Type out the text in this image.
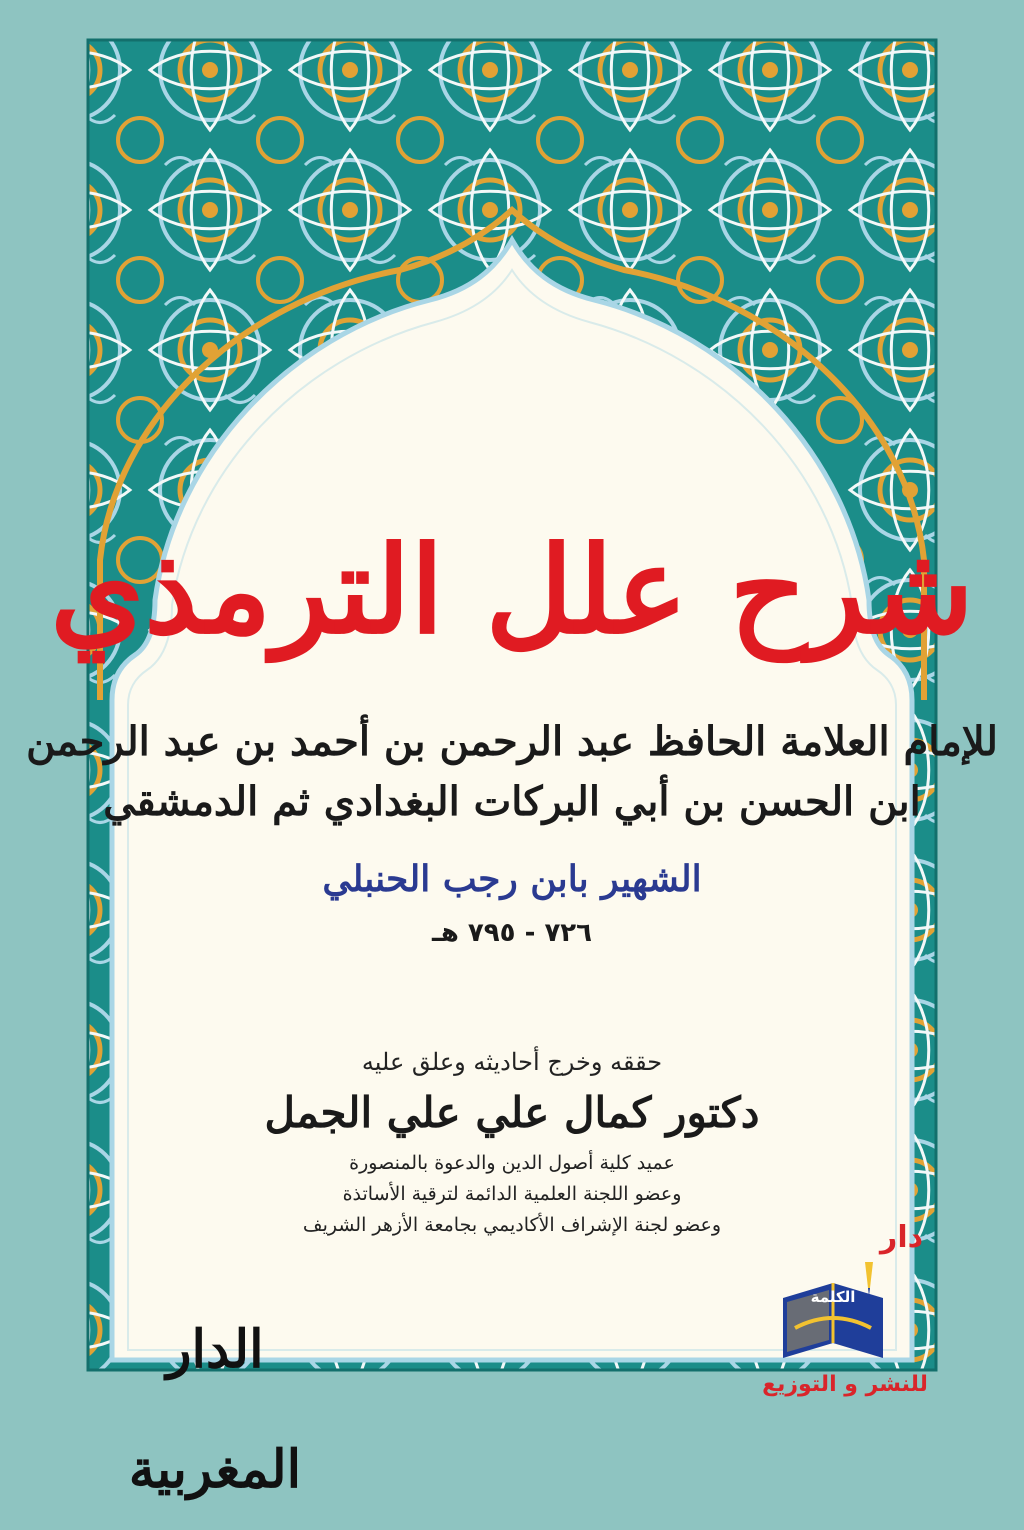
شرح علل الترمذي

للإمام العلامة الحافظ عبد الرحمن بن أحمد بن عبد الرحمن

ابن الحسن بن أبي البركات البغدادي ثم الدمشقي

الشهير بابن رجب الحنبلي

٧٢٦ - ٧٩٥ هـ

حققه وخرج أحاديثه وعلق عليه

دكتور كمال علي علي الجمل

عميد كلية أصول الدين والدعوة بالمنصورة

وعضو اللجنة العلمية الدائمة لترقية الأساتذة

وعضو لجنة الإشراف الأكاديمي بجامعة الأزهر الشريف

الدار المغربية
دار
الكلمة
للنشر و التوزيع
